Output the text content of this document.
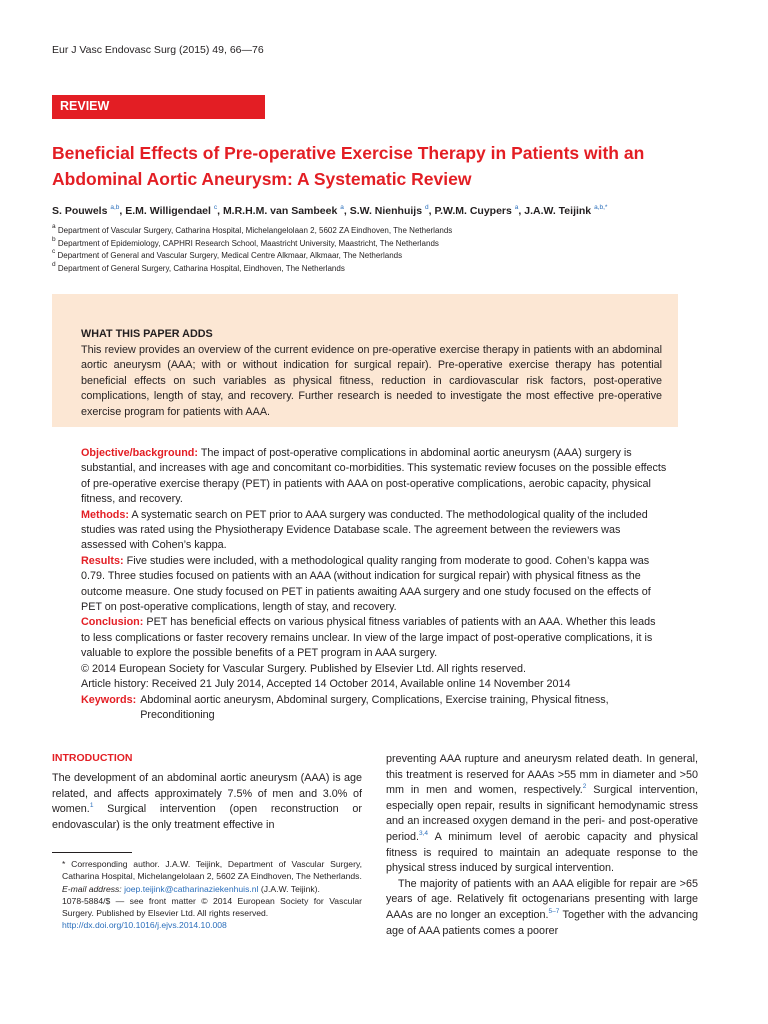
Eur J Vasc Endovasc Surg (2015) 49, 66—76
REVIEW
Beneficial Effects of Pre-operative Exercise Therapy in Patients with an
Abdominal Aortic Aneurysm: A Systematic Review
S. Pouwels $^{a,b}$, E.M. Willigendael $^c$, M.R.H.M. van Sambeek $^a$, S.W. Nienhuijs $^d$, P.W.M. Cuypers $^a$, J.A.W. Teijink $^{a,b,*}$
$^a$ Department of Vascular Surgery, Catharina Hospital, Michelangelolaan 2, 5602 ZA Eindhoven, The Netherlands
$^b$ Department of Epidemiology, CAPHRI Research School, Maastricht University, Maastricht, The Netherlands
$^c$ Department of General and Vascular Surgery, Medical Centre Alkmaar, Alkmaar, The Netherlands
$^d$ Department of General Surgery, Catharina Hospital, Eindhoven, The Netherlands
WHAT THIS PAPER ADDS
This review provides an overview of the current evidence on pre-operative exercise therapy in patients with an abdominal aortic aneurysm (AAA; with or without indication for surgical repair). Pre-operative exercise therapy has potential beneficial effects on such variables as physical fitness, reduction in cardiovascular risk factors, post-operative complications, length of stay, and recovery. Further research is needed to investigate the most effective pre-operative exercise program for patients with AAA.
Objective/background: The impact of post-operative complications in abdominal aortic aneurysm (AAA) surgery is substantial, and increases with age and concomitant co-morbidities. This systematic review focuses on the possible effects of pre-operative exercise therapy (PET) in patients with AAA on post-operative complications, aerobic capacity, physical fitness, and recovery.
Methods: A systematic search on PET prior to AAA surgery was conducted. The methodological quality of the included studies was rated using the Physiotherapy Evidence Database scale. The agreement between the reviewers was assessed with Cohen’s kappa.
Results: Five studies were included, with a methodological quality ranging from moderate to good. Cohen’s kappa was 0.79. Three studies focused on patients with an AAA (without indication for surgical repair) with physical fitness as the outcome measure. One study focused on PET in patients awaiting AAA surgery and one study focused on the effects of PET on post-operative complications, length of stay, and recovery.
Conclusion: PET has beneficial effects on various physical fitness variables of patients with an AAA. Whether this leads to less complications or faster recovery remains unclear. In view of the large impact of post-operative complications, it is valuable to explore the possible benefits of a PET program in AAA surgery.
© 2014 European Society for Vascular Surgery. Published by Elsevier Ltd. All rights reserved.
Article history: Received 21 July 2014, Accepted 14 October 2014, Available online 14 November 2014
Keywords: Abdominal aortic aneurysm, Abdominal surgery, Complications, Exercise training, Physical fitness, Preconditioning
INTRODUCTION
The development of an abdominal aortic aneurysm (AAA) is age related, and affects approximately 7.5% of men and 3.0% of women.$^1$ Surgical intervention (open reconstruction or endovascular) is the only treatment effective in
* Corresponding author. J.A.W. Teijink, Department of Vascular Surgery, Catharina Hospital, Michelangelolaan 2, 5602 ZA Eindhoven, The Netherlands.
E-mail address: joep.teijink@catharinaziekenhuis.nl (J.A.W. Teijink).
1078-5884/$ — see front matter © 2014 European Society for Vascular Surgery. Published by Elsevier Ltd. All rights reserved.
http://dx.doi.org/10.1016/j.ejvs.2014.10.008

preventing AAA rupture and aneurysm related death. In general, this treatment is reserved for AAAs >55 mm in diameter and >50 mm in men and women, respectively.$^2$ Surgical intervention, especially open repair, results in significant hemodynamic stress and an increased oxygen demand in the peri- and post-operative period.$^{3,4}$ A minimum level of aerobic capacity and physical fitness is required to maintain an adequate response to the physical stress induced by surgical intervention.

The majority of patients with an AAA eligible for repair are >65 years of age. Relatively fit octogenarians presenting with large AAAs are no longer an exception.$^{5-7}$ Together with the advancing age of AAA patients comes a poorer
